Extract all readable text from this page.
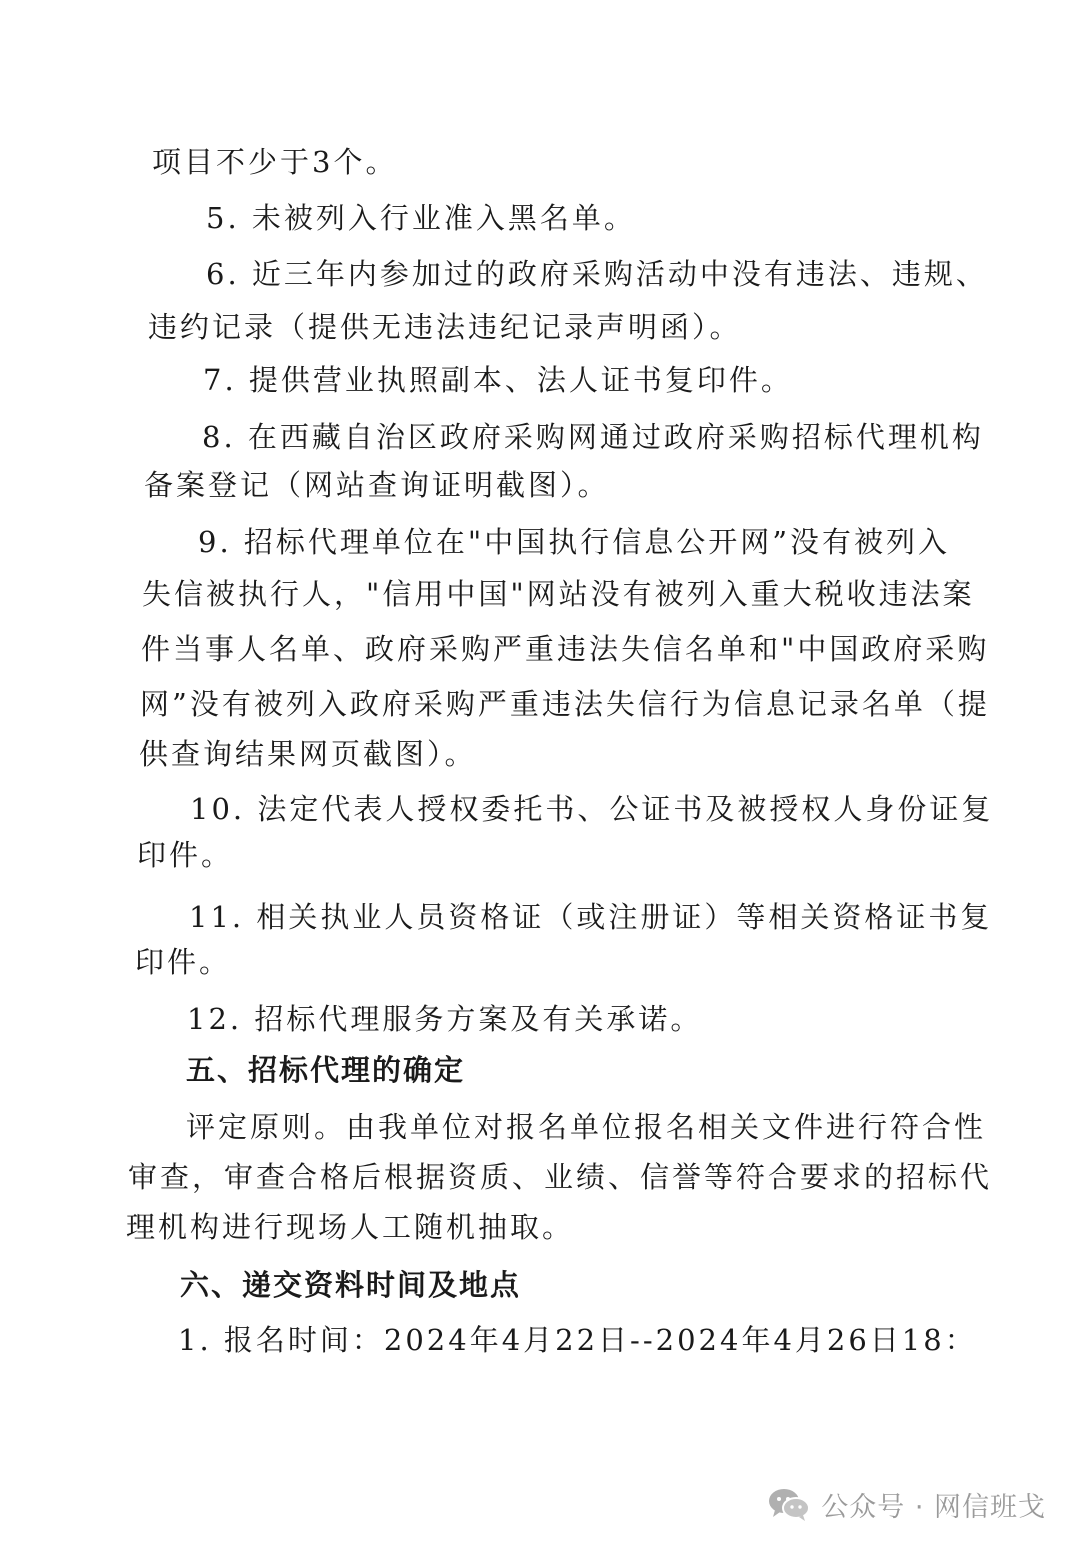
项目不少于3个。
5. 未被列入行业准入黑名单。
6. 近三年内参加过的政府采购活动中没有违法、违规、
违约记录（提供无违法违纪记录声明函）。
7. 提供营业执照副本、法人证书复印件。
8. 在西藏自治区政府采购网通过政府采购招标代理机构
备案登记（网站查询证明截图）。
9. 招标代理单位在"中国执行信息公开网”没有被列入
失信被执行人，"信用中国"网站没有被列入重大税收违法案
件当事人名单、政府采购严重违法失信名单和"中国政府采购
网”没有被列入政府采购严重违法失信行为信息记录名单（提
供查询结果网页截图）。
10. 法定代表人授权委托书、公证书及被授权人身份证复
印件。
11. 相关执业人员资格证（或注册证）等相关资格证书复
印件。
12. 招标代理服务方案及有关承诺。
五、招标代理的确定
评定原则。由我单位对报名单位报名相关文件进行符合性
审查，审查合格后根据资质、业绩、信誉等符合要求的招标代
理机构进行现场人工随机抽取。
六、递交资料时间及地点
1. 报名时间：2024年4月22日--2024年4月26日18：
公众号 · 网信班戈
